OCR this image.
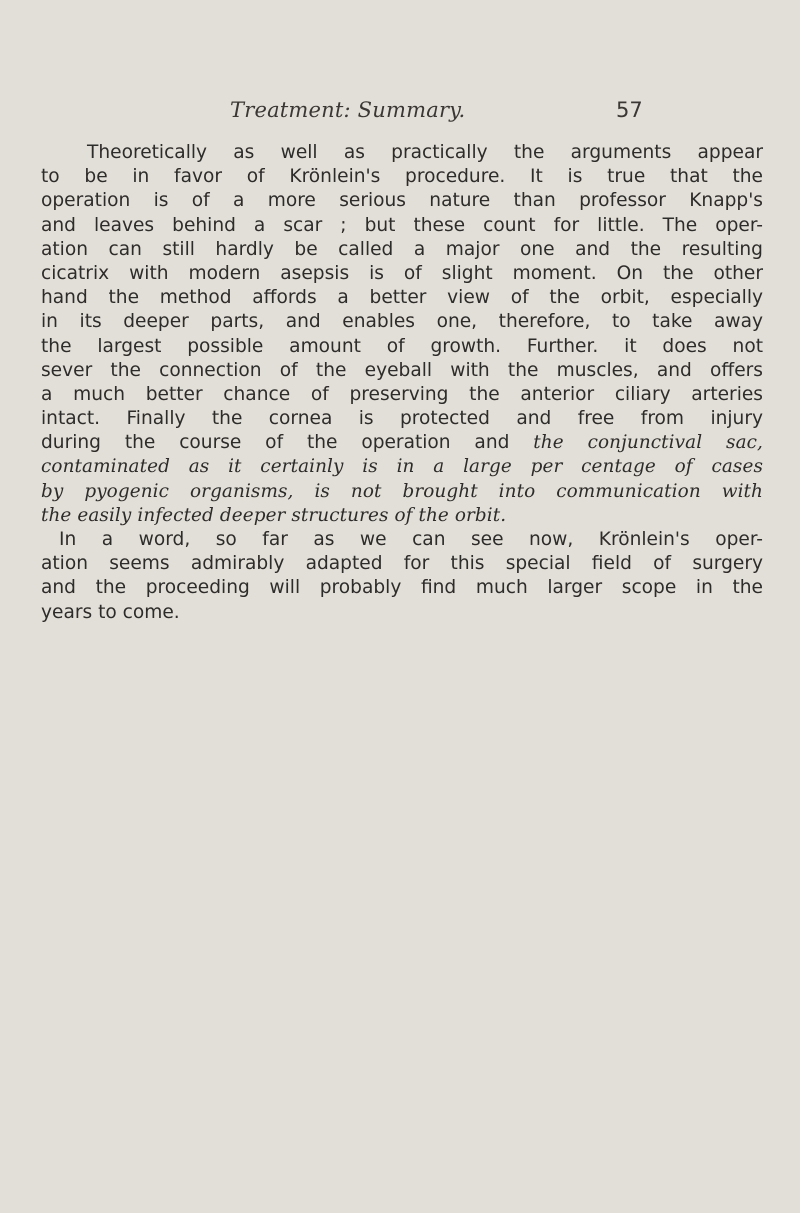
Treatment: Summary.	57
Theoretically as well as practically the arguments appear
to be in favor of Krönlein's procedure. It is true that the
operation is of a more serious nature than professor Knapp's
and leaves behind a scar ; but these count for little. The oper-
ation can still hardly be called a major one and the resulting
cicatrix with modern asepsis is of slight moment. On the other
hand the method affords a better view of the orbit, especially
in its deeper parts, and enables one, therefore, to take away
the largest possible amount of growth. Further. it does not
sever the connection of the eyeball with the muscles, and offers
a much better chance of preserving the anterior ciliary arteries
intact. Finally the cornea is protected and free from injury
during the course of the operation and the conjunctival sac,
contaminated as it certainly is in a large per centage of cases
by pyogenic organisms, is not brought into communication with
the easily infected deeper structures of the orbit.
In a word, so far as we can see now, Krönlein's oper-
ation seems admirably adapted for this special field of surgery
and the proceeding will probably find much larger scope in the
years to come.
